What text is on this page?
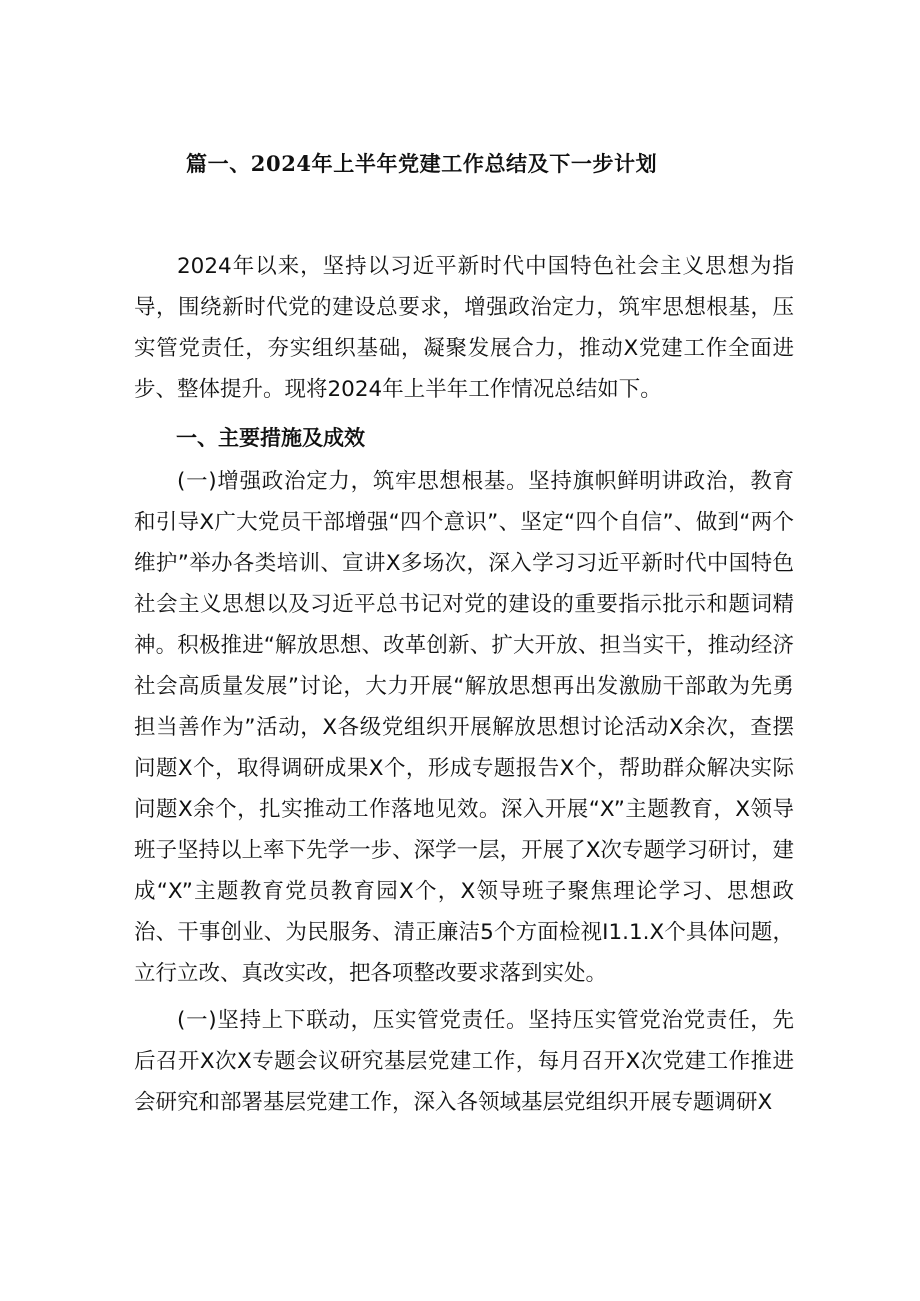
篇一、2024年上半年党建工作总结及下一步计划

2024年以来，坚持以习近平新时代中国特色社会主义思想为指导，围绕新时代党的建设总要求，增强政治定力，筑牢思想根基，压实管党责任，夯实组织基础，凝聚发展合力，推动X党建工作全面进步、整体提升。现将2024年上半年工作情况总结如下。

一、主要措施及成效

(一)增强政治定力，筑牢思想根基。坚持旗帜鲜明讲政治，教育和引导X广大党员干部增强“四个意识”、坚定“四个自信”、做到“两个维护”举办各类培训、宣讲X多场次，深入学习习近平新时代中国特色社会主义思想以及习近平总书记对党的建设的重要指示批示和题词精神。积极推进“解放思想、改革创新、扩大开放、担当实干，推动经济社会高质量发展”讨论，大力开展“解放思想再出发激励干部敢为先勇担当善作为”活动，X各级党组织开展解放思想讨论活动X余次，查摆问题X个，取得调研成果X个，形成专题报告X个，帮助群众解决实际问题X余个，扎实推动工作落地见效。深入开展“X”主题教育，X领导班子坚持以上率下先学一步、深学一层，开展了X次专题学习研讨，建成“X”主题教育党员教育园X个，X领导班子聚焦理论学习、思想政治、干事创业、为民服务、清正廉洁5个方面检视I1.1.X个具体问题，立行立改、真改实改，把各项整改要求落到实处。

(一)坚持上下联动，压实管党责任。坚持压实管党治党责任，先后召开X次X专题会议研究基层党建工作，每月召开X次党建工作推进会研究和部署基层党建工作，深入各领域基层党组织开展专题调研X
